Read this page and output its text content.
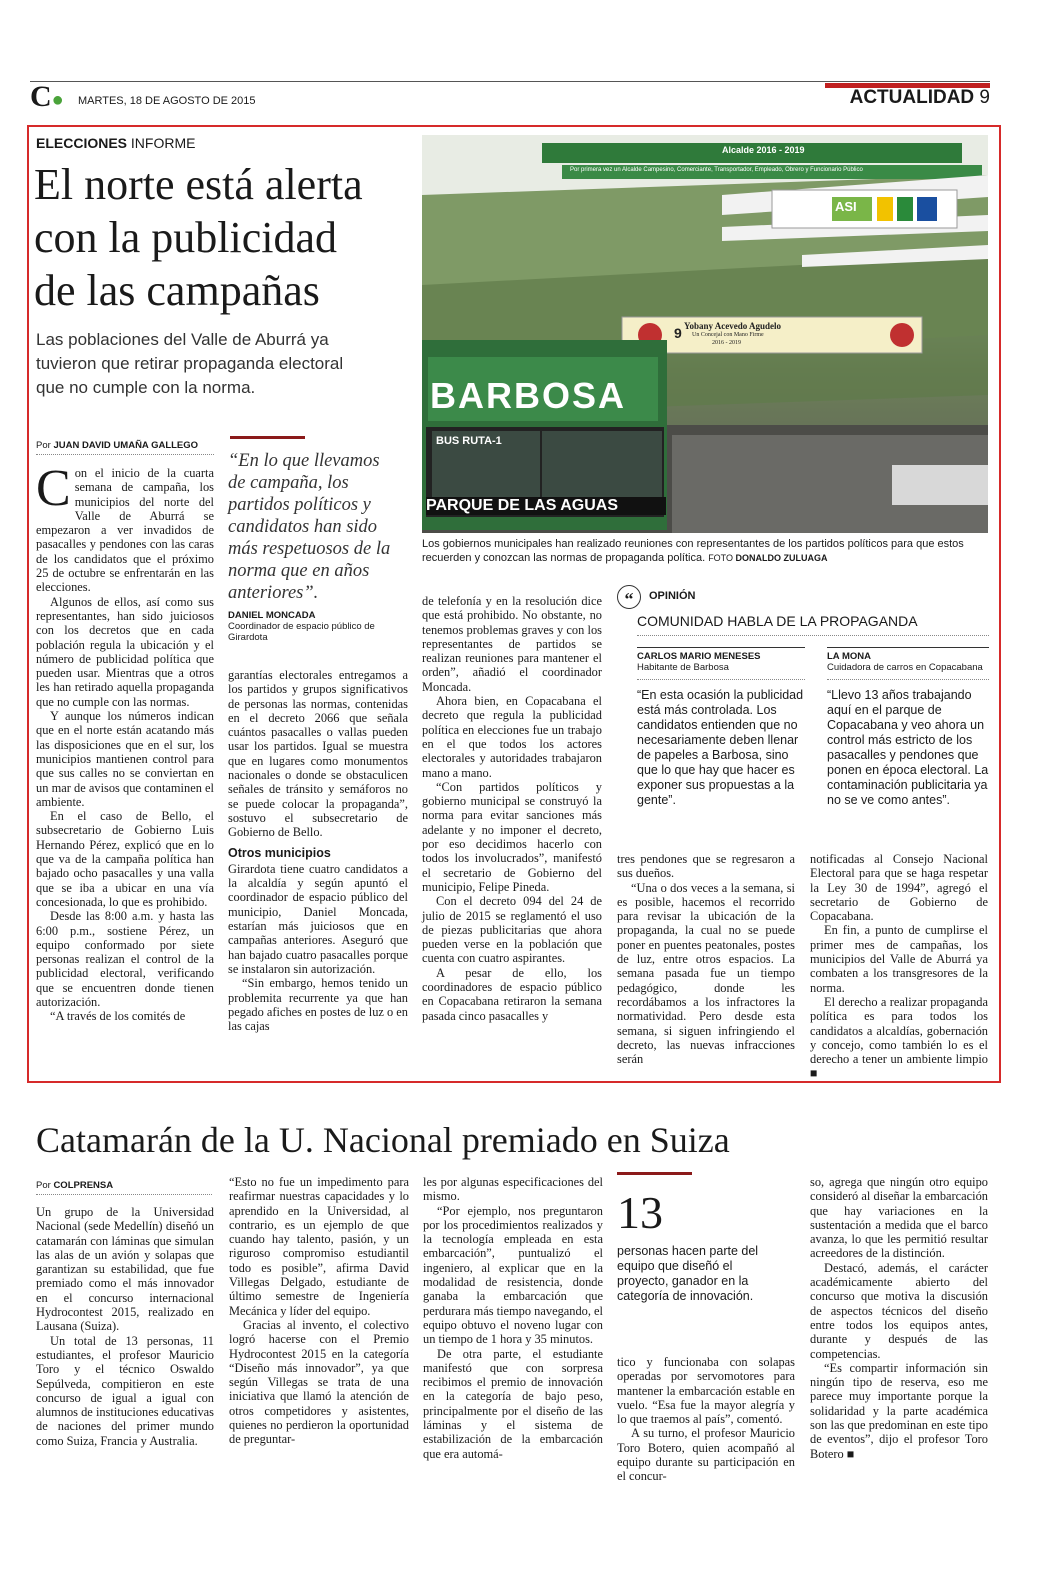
C● MARTES, 18 DE AGOSTO DE 2015	ACTUALIDAD 9
ELECCIONES INFORME
El norte está alerta
con la publicidad
de las campañas
Las poblaciones del Valle de Aburrá ya
tuvieron que retirar propaganda electoral
que no cumple con la norma.
Por JUAN DAVID UMAÑA GALLEGO
C on el inicio de la cuarta semana de campaña, los municipios del norte del Valle de Aburrá se empezaron a ver invadidos de pasacalles y pendones con las caras de los candidatos que el próximo 25 de octubre se enfrentarán en las elecciones.

Algunos de ellos, así como sus representantes, han sido juiciosos con los decretos que en cada población regula la ubicación y el número de publicidad política que pueden usar. Mientras que a otros les han retirado aquella propaganda que no cumple con las normas.

Y aunque los números indican que en el norte están acatando más las disposiciones que en el sur, los municipios mantienen control para que sus calles no se conviertan en un mar de avisos que contaminen el ambiente.

En el caso de Bello, el subsecretario de Gobierno Luis Hernando Pérez, explicó que en lo que va de la campaña política han bajado ocho pasacalles y una valla que se iba a ubicar en una vía concesionada, lo que es prohibido.

Desde las 8:00 a.m. y hasta las 6:00 p.m., sostiene Pérez, un equipo conformado por siete personas realizan el control de la publicidad electoral, verificando que se encuentren donde tienen autorización.

“A través de los comités de

“En lo que llevamos de campaña, los partidos políticos y candidatos han sido más respetuosos de la norma que en años anteriores”.
DANIEL MONCADA
Coordinador de espacio público de Girardota

garantías electorales entregamos a los partidos y grupos significativos de personas las normas, contenidas en el decreto 2066 que señala cuántos pasacalles o vallas pueden usar los partidos. Igual se muestra que en lugares como monumentos nacionales o donde se obstaculicen señales de tránsito y semáforos no se puede colocar la propaganda”, sostuvo el subsecretario de Gobierno de Bello.

Otros municipios

Girardota tiene cuatro candidatos a la alcaldía y según apuntó el coordinador de espacio público del municipio, Daniel Moncada, estarían más juiciosos que en campañas anteriores. Aseguró que han bajado cuatro pasacalles porque se instalaron sin autorización.

“Sin embargo, hemos tenido un problemita recurrente ya que han pegado afiches en postes de luz o en las cajas

Alcalde 2016 - 2019
Por primera vez un Alcalde Campesino, Comerciante, Transportador, Empleado, Obrero y Funcionario Público
ASI
Yobany Acevedo Agudelo
Un Concejal con Mano Firme
2016 - 2019
9
BARBOSA
BUS RUTA-1
PARQUE DE LAS AGUAS
Los gobiernos municipales han realizado reuniones con representantes de los partidos políticos para que estos recuerden y conozcan las normas de propaganda política. FOTO DONALDO ZULUAGA

de telefonía y en la resolución dice que está prohibido. No obstante, no tenemos problemas graves y con los representantes de partidos se realizan reuniones para mantener el orden”, añadió el coordinador Moncada.

Ahora bien, en Copacabana el decreto que regula la publicidad política en elecciones fue un trabajo en el que todos los actores electorales y autoridades trabajaron mano a mano.

“Con partidos políticos y gobierno municipal se construyó la norma para evitar sanciones más adelante y no imponer el decreto, por eso decidimos hacerlo con todos los involucrados”, manifestó el secretario de Gobierno del municipio, Felipe Pineda.

Con el decreto 094 del 24 de julio de 2015 se reglamentó el uso de piezas publicitarias que ahora pueden verse en la población que cuenta con cuatro aspirantes.

A pesar de ello, los coordinadores de espacio público en Copacabana retiraron la semana pasada cinco pasacalles y

“	OPINIÓN
COMUNIDAD HABLA DE LA PROPAGANDA
CARLOS MARIO MENESES
Habitante de Barbosa
“En esta ocasión la publicidad está más controlada. Los candidatos entienden que no necesariamente deben llenar de papeles a Barbosa, sino que lo que hay que hacer es exponer sus propuestas a la gente”.
LA MONA
Cuidadora de carros en Copacabana
“Llevo 13 años trabajando aquí en el parque de Copacabana y veo ahora un control más estricto de los pasacalles y pendones que ponen en época electoral. La contaminación publicitaria ya no se ve como antes”.

tres pendones que se regresaron a sus dueños.

“Una o dos veces a la semana, si es posible, hacemos el recorrido para revisar la ubicación de la propaganda, la cual no se puede poner en puentes peatonales, postes de luz, entre otros espacios. La semana pasada fue un tiempo pedagógico, donde les recordábamos a los infractores la normatividad. Pero desde esta semana, si siguen infringiendo el decreto, las nuevas infracciones serán

notificadas al Consejo Nacional Electoral para que se haga respetar la Ley 30 de 1994”, agregó el secretario de Gobierno de Copacabana.

En fin, a punto de cumplirse el primer mes de campañas, los municipios del Valle de Aburrá ya combaten a los transgresores de la norma.

El derecho a realizar propaganda política es para todos los candidatos a alcaldías, gobernación y concejo, como también lo es el derecho a tener un ambiente limpio ■

Catamarán de la U. Nacional premiado en Suiza
Por COLPRENSA

Un grupo de la Universidad Nacional (sede Medellín) diseñó un catamarán con láminas que simulan las alas de un avión y solapas que garantizan su estabilidad, que fue premiado como el más innovador en el concurso internacional Hydrocontest 2015, realizado en Lausana (Suiza).

Un total de 13 personas, 11 estudiantes, el profesor Mauricio Toro y el técnico Oswaldo Sepúlveda, compitieron en este concurso de igual a igual con alumnos de instituciones educativas de naciones del primer mundo como Suiza, Francia y Australia.

“Esto no fue un impedimento para reafirmar nuestras capacidades y lo aprendido en la Universidad, al contrario, es un ejemplo de que cuando hay talento, pasión, y un riguroso compromiso estudiantil todo es posible”, afirma David Villegas Delgado, estudiante de último semestre de Ingeniería Mecánica y líder del equipo.

Gracias al invento, el colectivo logró hacerse con el Premio Hydrocontest 2015 en la categoría “Diseño más innovador”, ya que según Villegas se trata de una iniciativa que llamó la atención de otros competidores y asistentes, quienes no perdieron la oportunidad de preguntar-

les por algunas especificaciones del mismo.

“Por ejemplo, nos preguntaron por los procedimientos realizados y la tecnología empleada en esta embarcación”, puntualizó el ingeniero, al explicar que en la modalidad de resistencia, donde ganaba la embarcación que perdurara más tiempo navegando, el equipo obtuvo el noveno lugar con un tiempo de 1 hora y 35 minutos.

De otra parte, el estudiante manifestó que con sorpresa recibimos el premio de innovación en la categoría de bajo peso, principalmente por el diseño de las láminas y el sistema de estabilización de la embarcación que era automá-

13
personas hacen parte del equipo que diseñó el proyecto, ganador en la categoría de innovación.

tico y funcionaba con solapas operadas por servomotores para mantener la embarcación estable en vuelo. “Esa fue la mayor alegría y lo que traemos al país”, comentó.

A su turno, el profesor Mauricio Toro Botero, quien acompañó al equipo durante su participación en el concur-

so, agrega que ningún otro equipo consideró al diseñar la embarcación que hay variaciones en la sustentación a medida que el barco avanza, lo que les permitió resultar acreedores de la distinción.

Destacó, además, el carácter académicamente abierto del concurso que motiva la discusión de aspectos técnicos del diseño entre todos los equipos antes, durante y después de las competencias.

“Es compartir información sin ningún tipo de reserva, eso me parece muy importante porque la solidaridad y la parte académica son las que predominan en este tipo de eventos”, dijo el profesor Toro Botero ■
